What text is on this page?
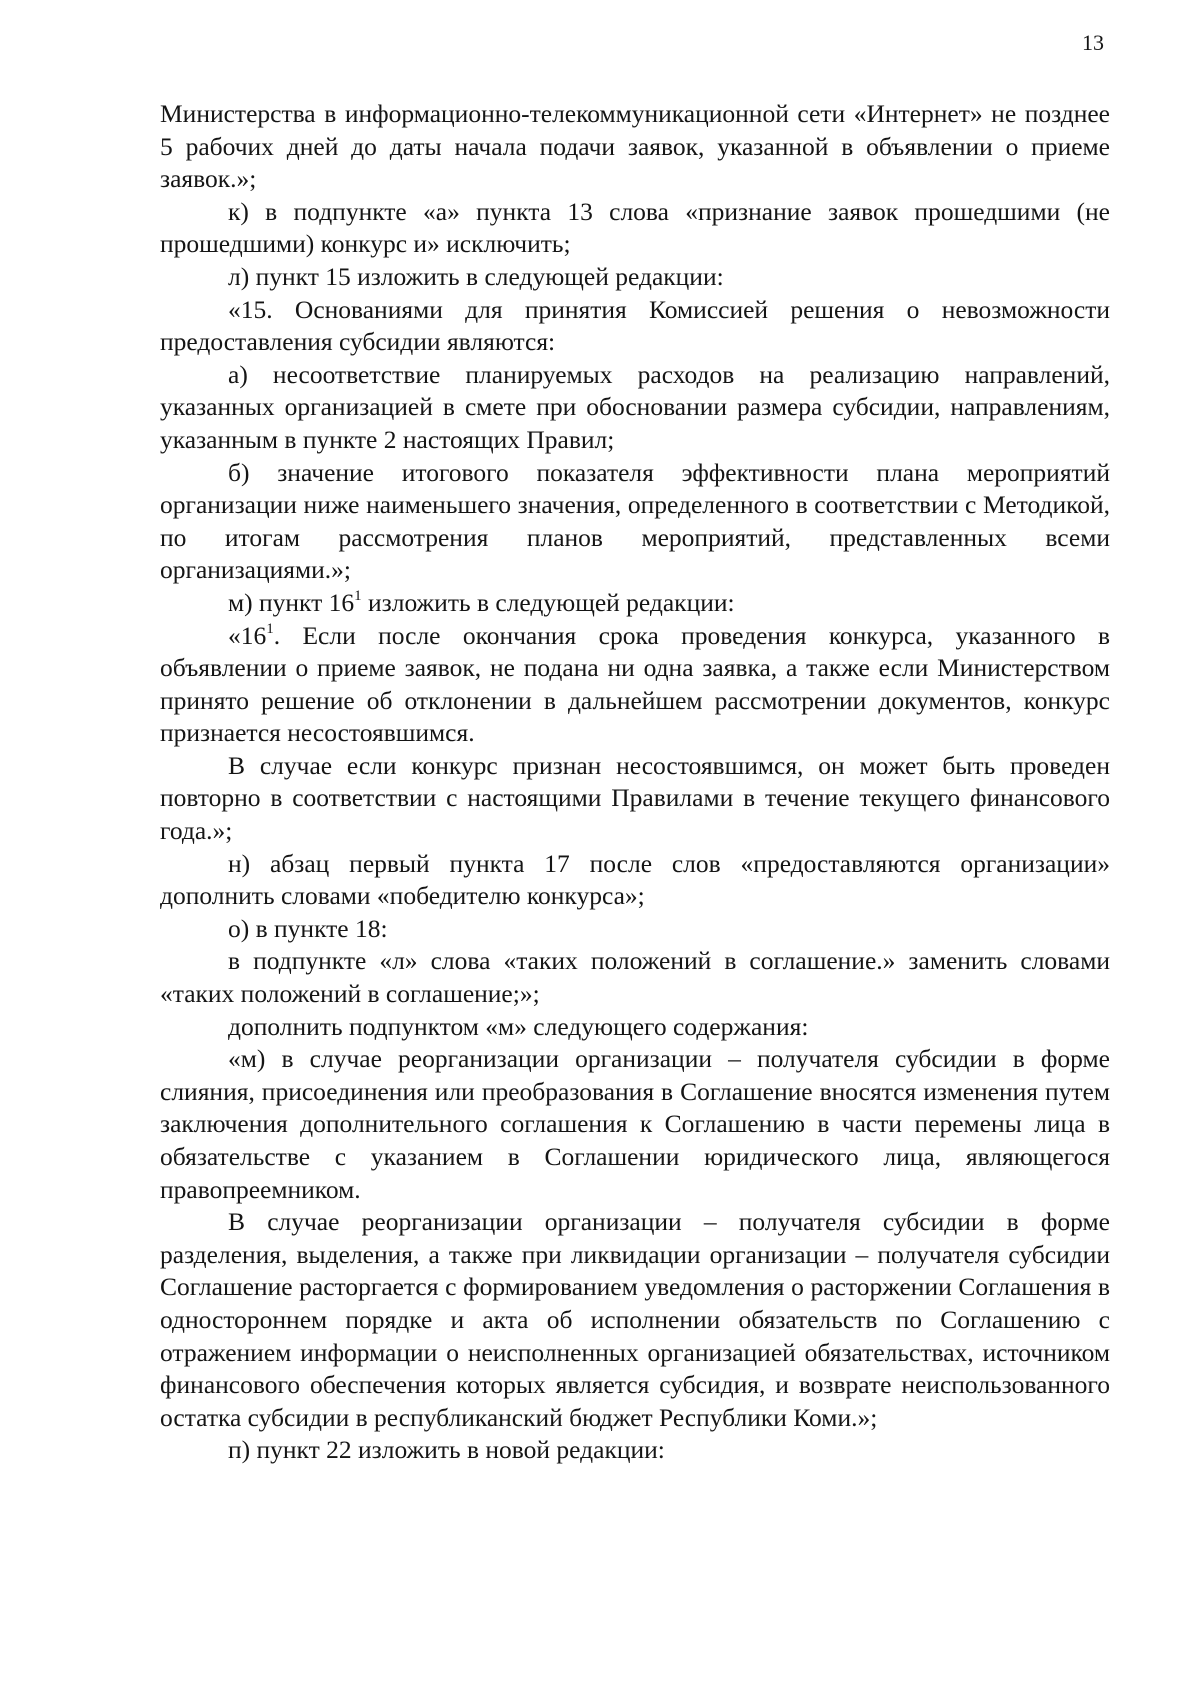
13

Министерства в информационно-телекоммуникационной сети «Интернет» не позднее 5 рабочих дней до даты начала подачи заявок, указанной в объявлении о приеме заявок.»;

к) в подпункте «а» пункта 13 слова «признание заявок прошедшими (не прошедшими) конкурс и» исключить;

л) пункт 15 изложить в следующей редакции:

«15. Основаниями для принятия Комиссией решения о невозможности предоставления субсидии являются:

а) несоответствие планируемых расходов на реализацию направлений, указанных организацией в смете при обосновании размера субсидии, направлениям, указанным в пункте 2 настоящих Правил;

б) значение итогового показателя эффективности плана мероприятий организации ниже наименьшего значения, определенного в соответствии с Методикой, по итогам рассмотрения планов мероприятий, представленных всеми организациями.»;

м) пункт $16^1$ изложить в следующей редакции:

«$16^1$. Если после окончания срока проведения конкурса, указанного в объявлении о приеме заявок, не подана ни одна заявка, а также если Министерством принято решение об отклонении в дальнейшем рассмотрении документов, конкурс признается несостоявшимся.

В случае если конкурс признан несостоявшимся, он может быть проведен повторно в соответствии с настоящими Правилами в течение текущего финансового года.»;

н) абзац первый пункта 17 после слов «предоставляются организации» дополнить словами «победителю конкурса»;

о) в пункте 18:

в подпункте «л» слова «таких положений в соглашение.» заменить словами «таких положений в соглашение;»;

дополнить подпунктом «м» следующего содержания:

«м) в случае реорганизации организации – получателя субсидии в форме слияния, присоединения или преобразования в Соглашение вносятся изменения путем заключения дополнительного соглашения к Соглашению в части перемены лица в обязательстве с указанием в Соглашении юридического лица, являющегося правопреемником.

В случае реорганизации организации – получателя субсидии в форме разделения, выделения, а также при ликвидации организации – получателя субсидии Соглашение расторгается с формированием уведомления о расторжении Соглашения в одностороннем порядке и акта об исполнении обязательств по Соглашению с отражением информации о неисполненных организацией обязательствах, источником финансового обеспечения которых является субсидия, и возврате неиспользованного остатка субсидии в республиканский бюджет Республики Коми.»;

п) пункт 22 изложить в новой редакции:
